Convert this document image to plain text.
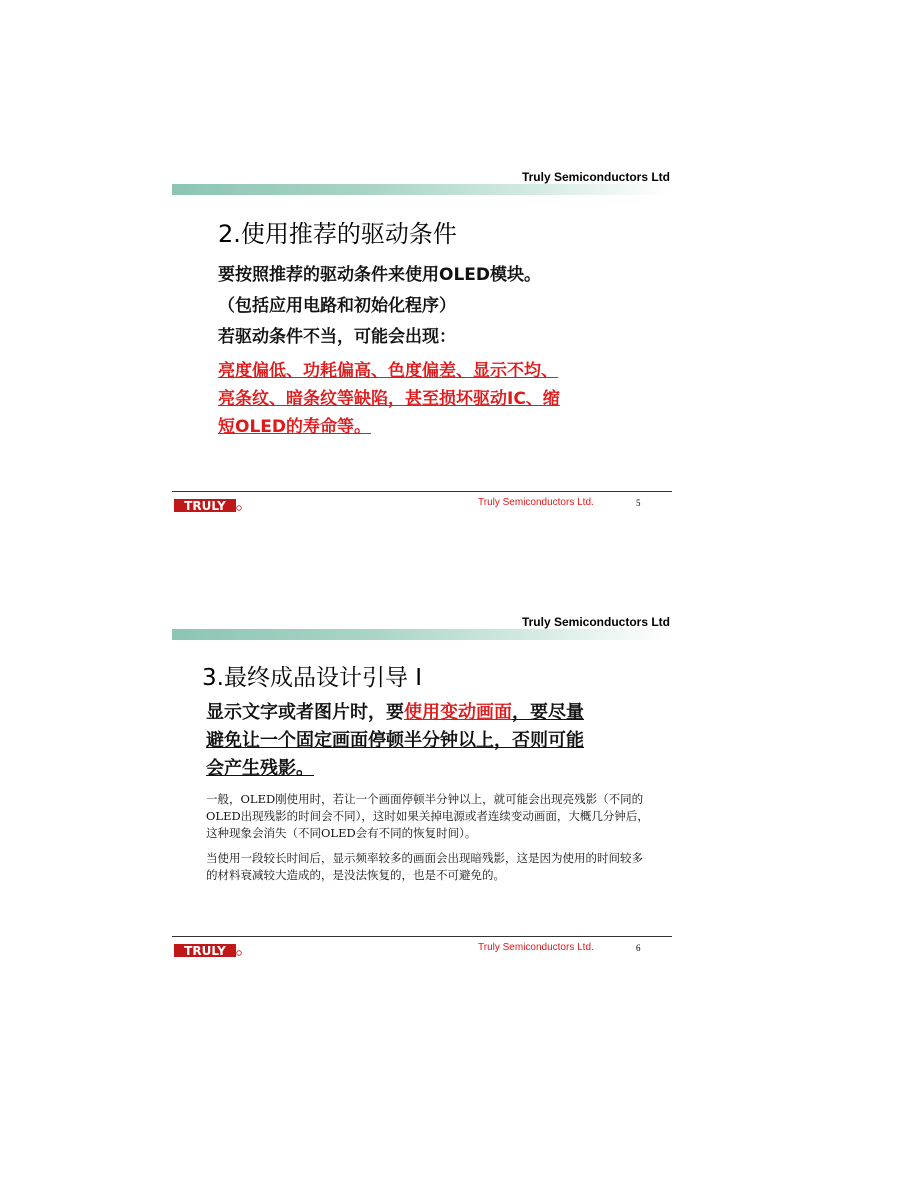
Truly Semiconductors Ltd
2.使用推荐的驱动条件
要按照推荐的驱动条件来使用OLED模块。
（包括应用电路和初始化程序）
若驱动条件不当，可能会出现：
亮度偏低、功耗偏高、色度偏差、显示不均、
亮条纹、暗条纹等缺陷，甚至损坏驱动IC、缩
短OLED的寿命等。
TRULY	Truly Semiconductors Ltd.	5
Truly Semiconductors Ltd
3.最终成品设计引导 I
显示文字或者图片时，要使用变动画面，要尽量
避免让一个固定画面停顿半分钟以上，否则可能
会产生残影。
一般，OLED刚使用时，若让一个画面停顿半分钟以上，就可能会出现亮残影（不同的OLED出现残影的时间会不同），这时如果关掉电源或者连续变动画面，大概几分钟后，这种现象会消失（不同OLED会有不同的恢复时间）。
当使用一段较长时间后，显示频率较多的画面会出现暗残影，这是因为使用的时间较多的材料衰减较大造成的，是没法恢复的，也是不可避免的。
TRULY	Truly Semiconductors Ltd.	6
